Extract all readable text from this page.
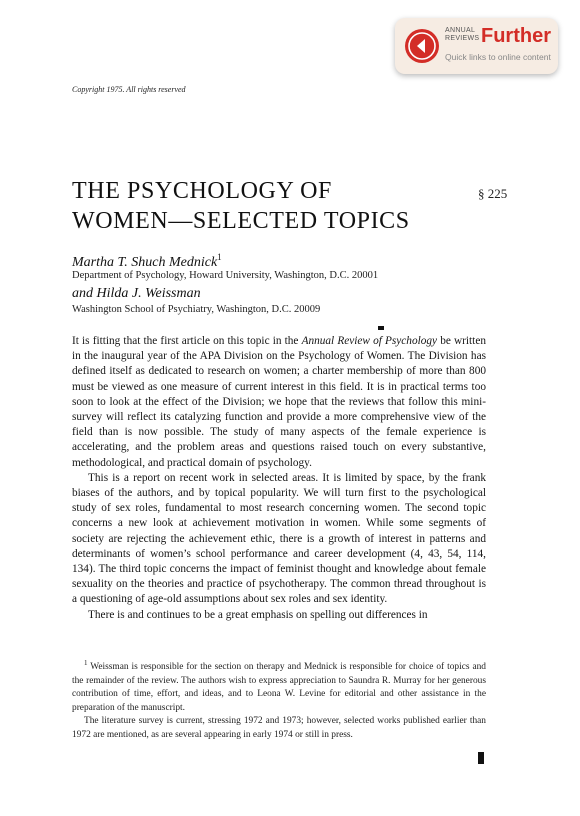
ANNUAL
REVIEWS Further
Quick links to online content
Copyright 1975. All rights reserved
THE PSYCHOLOGY OF
WOMEN—SELECTED TOPICS
§ 225
Martha T. Shuch Mednick$^1$
Department of Psychology, Howard University, Washington, D.C. 20001
and Hilda J. Weissman
Washington School of Psychiatry, Washington, D.C. 20009

It is fitting that the first article on this topic in the Annual Review of Psychology be written in the inaugural year of the APA Division on the Psychology of Women. The Division has defined itself as dedicated to research on women; a charter membership of more than 800 must be viewed as one measure of current interest in this field. It is in practical terms too soon to look at the effect of the Division; we hope that the reviews that follow this mini-survey will reflect its catalyzing function and provide a more comprehensive view of the field than is now possible. The study of many aspects of the female experience is accelerating, and the problem areas and questions raised touch on every substantive, methodological, and practical domain of psychology.

This is a report on recent work in selected areas. It is limited by space, by the frank biases of the authors, and by topical popularity. We will turn first to the psychological study of sex roles, fundamental to most research concerning women. The second topic concerns a new look at achievement motivation in women. While some segments of society are rejecting the achievement ethic, there is a growth of interest in patterns and determinants of women’s school performance and career development (4, 43, 54, 114, 134). The third topic concerns the impact of feminist thought and knowledge about female sexuality on the theories and practice of psychotherapy. The common thread throughout is a questioning of age-old assumptions about sex roles and sex identity.

There is and continues to be a great emphasis on spelling out differences in

$^1$ Weissman is responsible for the section on therapy and Mednick is responsible for choice of topics and the remainder of the review. The authors wish to express appreciation to Saundra R. Murray for her generous contribution of time, effort, and ideas, and to Leona W. Levine for editorial and other assistance in the preparation of the manuscript.

The literature survey is current, stressing 1972 and 1973; however, selected works published earlier than 1972 are mentioned, as are several appearing in early 1974 or still in press.
